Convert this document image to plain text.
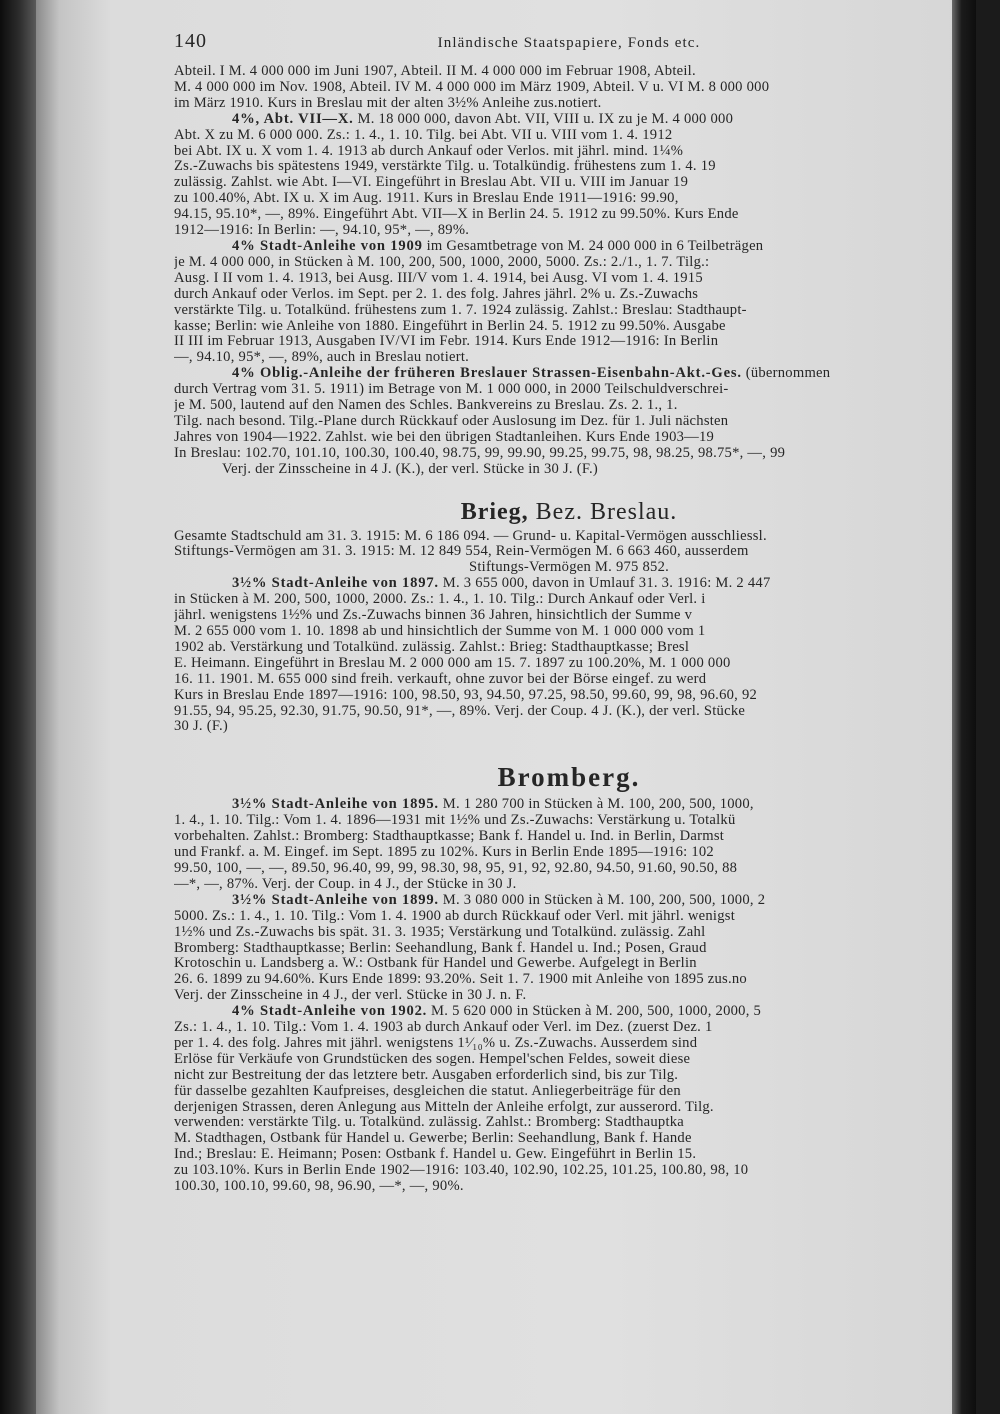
140	Inländische Staatspapiere, Fonds etc.
Abteil. I M. 4 000 000 im Juni 1907, Abteil. II M. 4 000 000 im Februar 1908, Abteil.
M. 4 000 000 im Nov. 1908, Abteil. IV M. 4 000 000 im März 1909, Abteil. V u. VI M. 8 000 000
im März 1910. Kurs in Breslau mit der alten 3½% Anleihe zus.notiert.
4%, Abt. VII—X. M. 18 000 000, davon Abt. VII, VIII u. IX zu je M. 4 000 000
Abt. X zu M. 6 000 000. Zs.: 1. 4., 1. 10. Tilg. bei Abt. VII u. VIII vom 1. 4. 1912
bei Abt. IX u. X vom 1. 4. 1913 ab durch Ankauf oder Verlos. mit jährl. mind. 1¼%
Zs.-Zuwachs bis spätestens 1949, verstärkte Tilg. u. Totalkündig. frühestens zum 1. 4. 19
zulässig. Zahlst. wie Abt. I—VI. Eingeführt in Breslau Abt. VII u. VIII im Januar 19
zu 100.40%, Abt. IX u. X im Aug. 1911. Kurs in Breslau Ende 1911—1916: 99.90,
94.15, 95.10*, —, 89%. Eingeführt Abt. VII—X in Berlin 24. 5. 1912 zu 99.50%. Kurs Ende
1912—1916: In Berlin: —, 94.10, 95*, —, 89%.
4% Stadt-Anleihe von 1909 im Gesamtbetrage von M. 24 000 000 in 6 Teilbeträgen
je M. 4 000 000, in Stücken à M. 100, 200, 500, 1000, 2000, 5000. Zs.: 2./1., 1. 7. Tilg.:
Ausg. I II vom 1. 4. 1913, bei Ausg. III/V vom 1. 4. 1914, bei Ausg. VI vom 1. 4. 1915
durch Ankauf oder Verlos. im Sept. per 2. 1. des folg. Jahres jährl. 2% u. Zs.-Zuwachs
verstärkte Tilg. u. Totalkünd. frühestens zum 1. 7. 1924 zulässig. Zahlst.: Breslau: Stadthaupt-
kasse; Berlin: wie Anleihe von 1880. Eingeführt in Berlin 24. 5. 1912 zu 99.50%. Ausgabe
II III im Februar 1913, Ausgaben IV/VI im Febr. 1914. Kurs Ende 1912—1916: In Berlin
—, 94.10, 95*, —, 89%, auch in Breslau notiert.
4% Oblig.-Anleihe der früheren Breslauer Strassen-Eisenbahn-Akt.-Ges. (übernommen
durch Vertrag vom 31. 5. 1911) im Betrage von M. 1 000 000, in 2000 Teilschuldverschrei-
je M. 500, lautend auf den Namen des Schles. Bankvereins zu Breslau. Zs. 2. 1., 1.
Tilg. nach besond. Tilg.-Plane durch Rückkauf oder Auslosung im Dez. für 1. Juli nächsten
Jahres von 1904—1922. Zahlst. wie bei den übrigen Stadtanleihen. Kurs Ende 1903—19
In Breslau: 102.70, 101.10, 100.30, 100.40, 98.75, 99, 99.90, 99.25, 99.75, 98, 98.25, 98.75*, —, 99
Verj. der Zinsscheine in 4 J. (K.), der verl. Stücke in 30 J. (F.)
Brieg, Bez. Breslau.
Gesamte Stadtschuld am 31. 3. 1915: M. 6 186 094. — Grund- u. Kapital-Vermögen ausschliessl.
Stiftungs-Vermögen am 31. 3. 1915: M. 12 849 554, Rein-Vermögen M. 6 663 460, ausserdem
Stiftungs-Vermögen M. 975 852.
3½% Stadt-Anleihe von 1897. M. 3 655 000, davon in Umlauf 31. 3. 1916: M. 2 447
in Stücken à M. 200, 500, 1000, 2000. Zs.: 1. 4., 1. 10. Tilg.: Durch Ankauf oder Verl. i
jährl. wenigstens 1½% und Zs.-Zuwachs binnen 36 Jahren, hinsichtlich der Summe v
M. 2 655 000 vom 1. 10. 1898 ab und hinsichtlich der Summe von M. 1 000 000 vom 1
1902 ab. Verstärkung und Totalkünd. zulässig. Zahlst.: Brieg: Stadthauptkasse; Bresl
E. Heimann. Eingeführt in Breslau M. 2 000 000 am 15. 7. 1897 zu 100.20%, M. 1 000 000
16. 11. 1901. M. 655 000 sind freih. verkauft, ohne zuvor bei der Börse eingef. zu werd
Kurs in Breslau Ende 1897—1916: 100, 98.50, 93, 94.50, 97.25, 98.50, 99.60, 99, 98, 96.60, 92
91.55, 94, 95.25, 92.30, 91.75, 90.50, 91*, —, 89%. Verj. der Coup. 4 J. (K.), der verl. Stücke
30 J. (F.)
Bromberg.
3½% Stadt-Anleihe von 1895. M. 1 280 700 in Stücken à M. 100, 200, 500, 1000,
1. 4., 1. 10. Tilg.: Vom 1. 4. 1896—1931 mit 1½% und Zs.-Zuwachs: Verstärkung u. Totalkü
vorbehalten. Zahlst.: Bromberg: Stadthauptkasse; Bank f. Handel u. Ind. in Berlin, Darmst
und Frankf. a. M. Eingef. im Sept. 1895 zu 102%. Kurs in Berlin Ende 1895—1916: 102
99.50, 100, —, —, 89.50, 96.40, 99, 99, 98.30, 98, 95, 91, 92, 92.80, 94.50, 91.60, 90.50, 88
—*, —, 87%. Verj. der Coup. in 4 J., der Stücke in 30 J.
3½% Stadt-Anleihe von 1899. M. 3 080 000 in Stücken à M. 100, 200, 500, 1000, 2
5000. Zs.: 1. 4., 1. 10. Tilg.: Vom 1. 4. 1900 ab durch Rückkauf oder Verl. mit jährl. wenigst
1½% und Zs.-Zuwachs bis spät. 31. 3. 1935; Verstärkung und Totalkünd. zulässig. Zahl
Bromberg: Stadthauptkasse; Berlin: Seehandlung, Bank f. Handel u. Ind.; Posen, Graud
Krotoschin u. Landsberg a. W.: Ostbank für Handel und Gewerbe. Aufgelegt in Berlin
26. 6. 1899 zu 94.60%. Kurs Ende 1899: 93.20%. Seit 1. 7. 1900 mit Anleihe von 1895 zus.no
Verj. der Zinsscheine in 4 J., der verl. Stücke in 30 J. n. F.
4% Stadt-Anleihe von 1902. M. 5 620 000 in Stücken à M. 200, 500, 1000, 2000, 5
Zs.: 1. 4., 1. 10. Tilg.: Vom 1. 4. 1903 ab durch Ankauf oder Verl. im Dez. (zuerst Dez. 1
per 1. 4. des folg. Jahres mit jährl. wenigstens 1¹⁄₁₀% u. Zs.-Zuwachs. Ausserdem sind
Erlöse für Verkäufe von Grundstücken des sogen. Hempel'schen Feldes, soweit diese
nicht zur Bestreitung der das letztere betr. Ausgaben erforderlich sind, bis zur Tilg.
für dasselbe gezahlten Kaufpreises, desgleichen die statut. Anliegerbeiträge für den
derjenigen Strassen, deren Anlegung aus Mitteln der Anleihe erfolgt, zur ausserord. Tilg.
verwenden: verstärkte Tilg. u. Totalkünd. zulässig. Zahlst.: Bromberg: Stadthauptka
M. Stadthagen, Ostbank für Handel u. Gewerbe; Berlin: Seehandlung, Bank f. Hande
Ind.; Breslau: E. Heimann; Posen: Ostbank f. Handel u. Gew. Eingeführt in Berlin 15.
zu 103.10%. Kurs in Berlin Ende 1902—1916: 103.40, 102.90, 102.25, 101.25, 100.80, 98, 10
100.30, 100.10, 99.60, 98, 96.90, —*, —, 90%.
